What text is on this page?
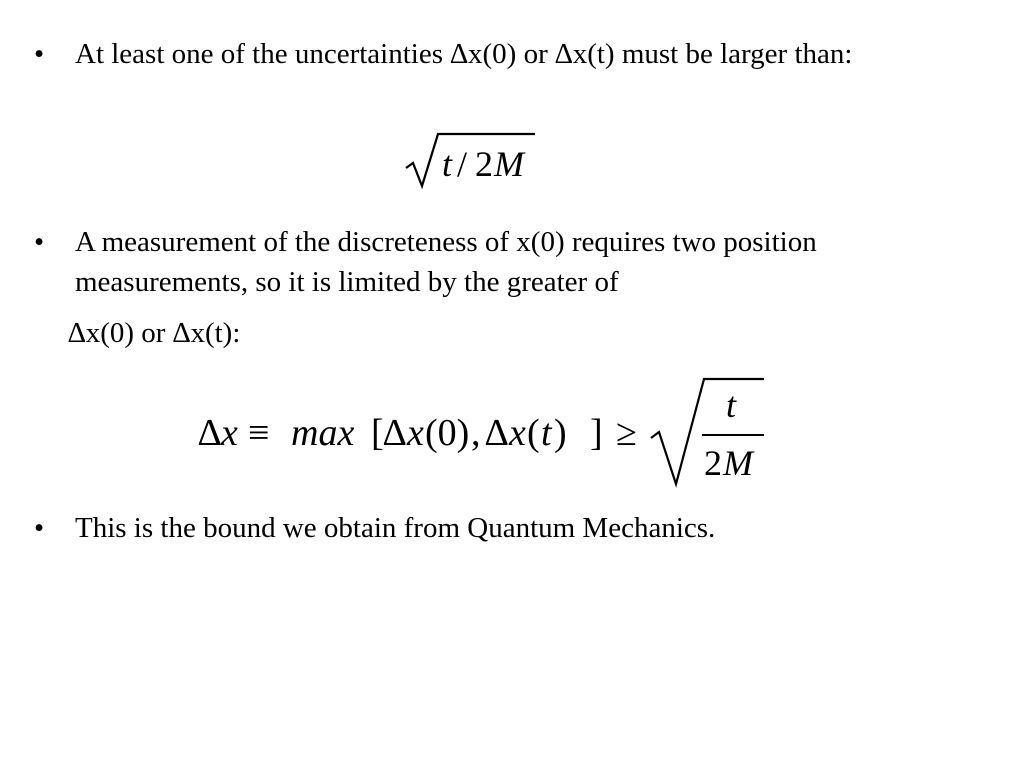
•	At least one of the uncertainties ∆x(0) or ∆x(t) must be larger than:
t / 2 M
•	A measurement of the discreteness of x(0) requires two position measurements, so it is limited by the greater of
∆x(0) or ∆x(t):
∆ x ≡ max [ ∆ x (0) , ∆ x ( t ) ] ≥
t
2 M
•	This is the bound we obtain from Quantum Mechanics.
